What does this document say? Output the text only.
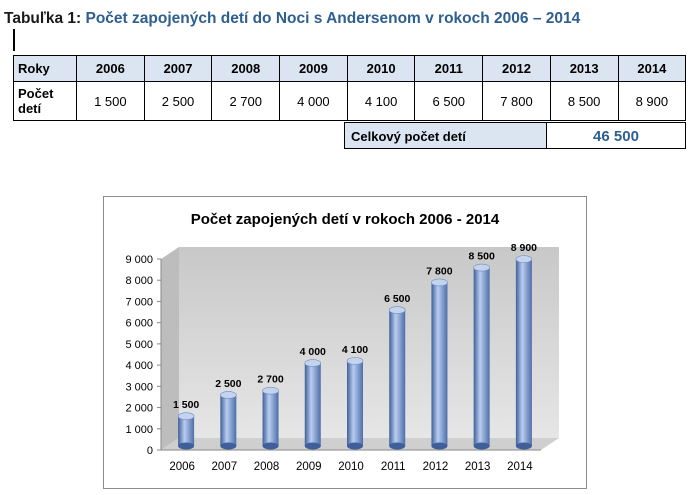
Tabuľka 1: Počet zapojených detí do Noci s Andersenom v rokoch 2006 – 2014
Roky	2006	2007	2008	2009	2010	2011	2012	2013	2014
Počet
detí	1 500	2 500	2 700	4 000	4 100	6 500	7 800	8 500	8 900
Celkový počet detí	46 500
Počet zapojených detí v rokoch 2006 - 2014
0
1 000
2 000
3 000
4 000
5 000
6 000
7 000
8 000
9 000
1 500
2006
2 500
2007
2 700
2008
4 000
2009
4 100
2010
6 500
2011
7 800
2012
8 500
2013
8 900
2014
